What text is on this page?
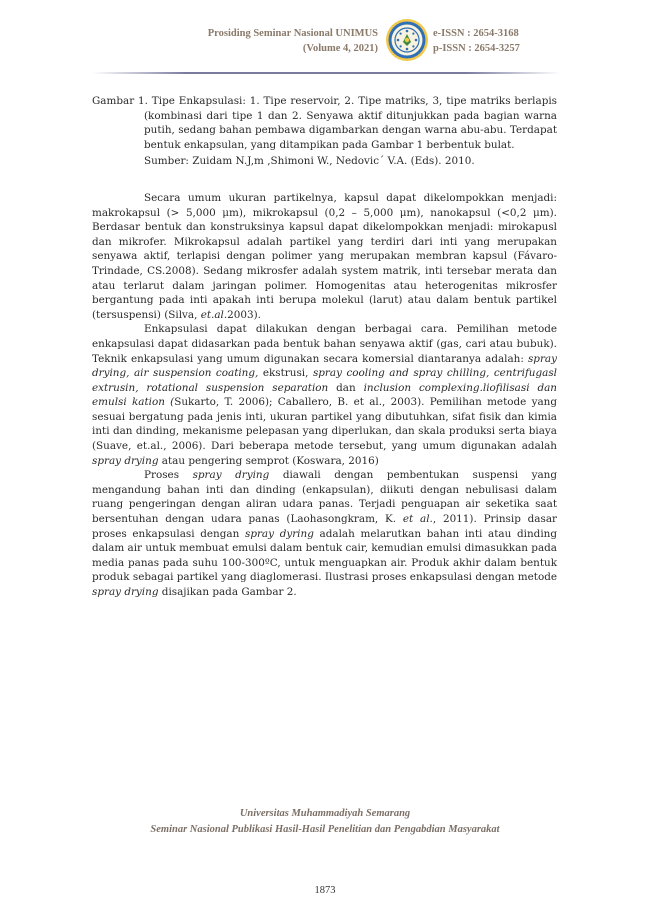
Prosiding Seminar Nasional UNIMUS
(Volume 4, 2021)
e-ISSN : 2654-3168
p-ISSN : 2654-3257

Gambar 1. Tipe Enkapsulasi: 1. Tipe reservoir, 2. Tipe matriks, 3, tipe matriks berlapis (kombinasi dari tipe 1 dan 2. Senyawa aktif ditunjukkan pada bagian warna putih, sedang bahan pembawa digambarkan dengan warna abu-abu. Terdapat bentuk enkapsulan, yang ditampikan pada Gambar 1 berbentuk bulat.

Sumber: Zuidam N.J,m ,Shimoni W., Nedovic´ V.A. (Eds). 2010.

Secara umum ukuran partikelnya, kapsul dapat dikelompokkan menjadi: makrokapsul (> 5,000 μm), mikrokapsul (0,2 – 5,000 μm), nanokapsul (<0,2 μm). Berdasar bentuk dan konstruksinya kapsul dapat dikelompokkan menjadi: mirokapusl dan mikrofer. Mikrokapsul adalah partikel yang terdiri dari inti yang merupakan senyawa aktif, terlapisi dengan polimer yang merupakan membran kapsul (Fávaro-Trindade, CS.2008). Sedang mikrosfer adalah system matrik, inti tersebar merata dan atau terlarut dalam jaringan polimer. Homogenitas atau heterogenitas mikrosfer bergantung pada inti apakah inti berupa molekul (larut) atau dalam bentuk partikel (tersuspensi) (Silva, et.al.2003).

Enkapsulasi dapat dilakukan dengan berbagai cara. Pemilihan metode enkapsulasi dapat didasarkan pada bentuk bahan senyawa aktif (gas, cari atau bubuk). Teknik enkapsulasi yang umum digunakan secara komersial diantaranya adalah: spray drying, air suspension coating, ekstrusi, spray cooling and spray chilling, centrifugasl extrusin, rotational suspension separation dan inclusion complexing.liofilisasi dan emulsi kation (Sukarto, T. 2006); Caballero, B. et al., 2003). Pemilihan metode yang sesuai bergatung pada jenis inti, ukuran partikel yang dibutuhkan, sifat fisik dan kimia inti dan dinding, mekanisme pelepasan yang diperlukan, dan skala produksi serta biaya (Suave, et.al., 2006). Dari beberapa metode tersebut, yang umum digunakan adalah spray drying atau pengering semprot (Koswara, 2016)

Proses spray drying diawali dengan pembentukan suspensi yang mengandung bahan inti dan dinding (enkapsulan), diikuti dengan nebulisasi dalam ruang pengeringan dengan aliran udara panas. Terjadi penguapan air seketika saat bersentuhan dengan udara panas (Laohasongkram, K. et al., 2011). Prinsip dasar proses enkapsulasi dengan spray dyring adalah melarutkan bahan inti atau dinding dalam air untuk membuat emulsi dalam bentuk cair, kemudian emulsi dimasukkan pada media panas pada suhu 100-300ºC, untuk menguapkan air. Produk akhir dalam bentuk produk sebagai partikel yang diaglomerasi. Ilustrasi proses enkapsulasi dengan metode spray drying disajikan pada Gambar 2.

Universitas Muhammadiyah Semarang
Seminar Nasional Publikasi Hasil-Hasil Penelitian dan Pengabdian Masyarakat
1873
